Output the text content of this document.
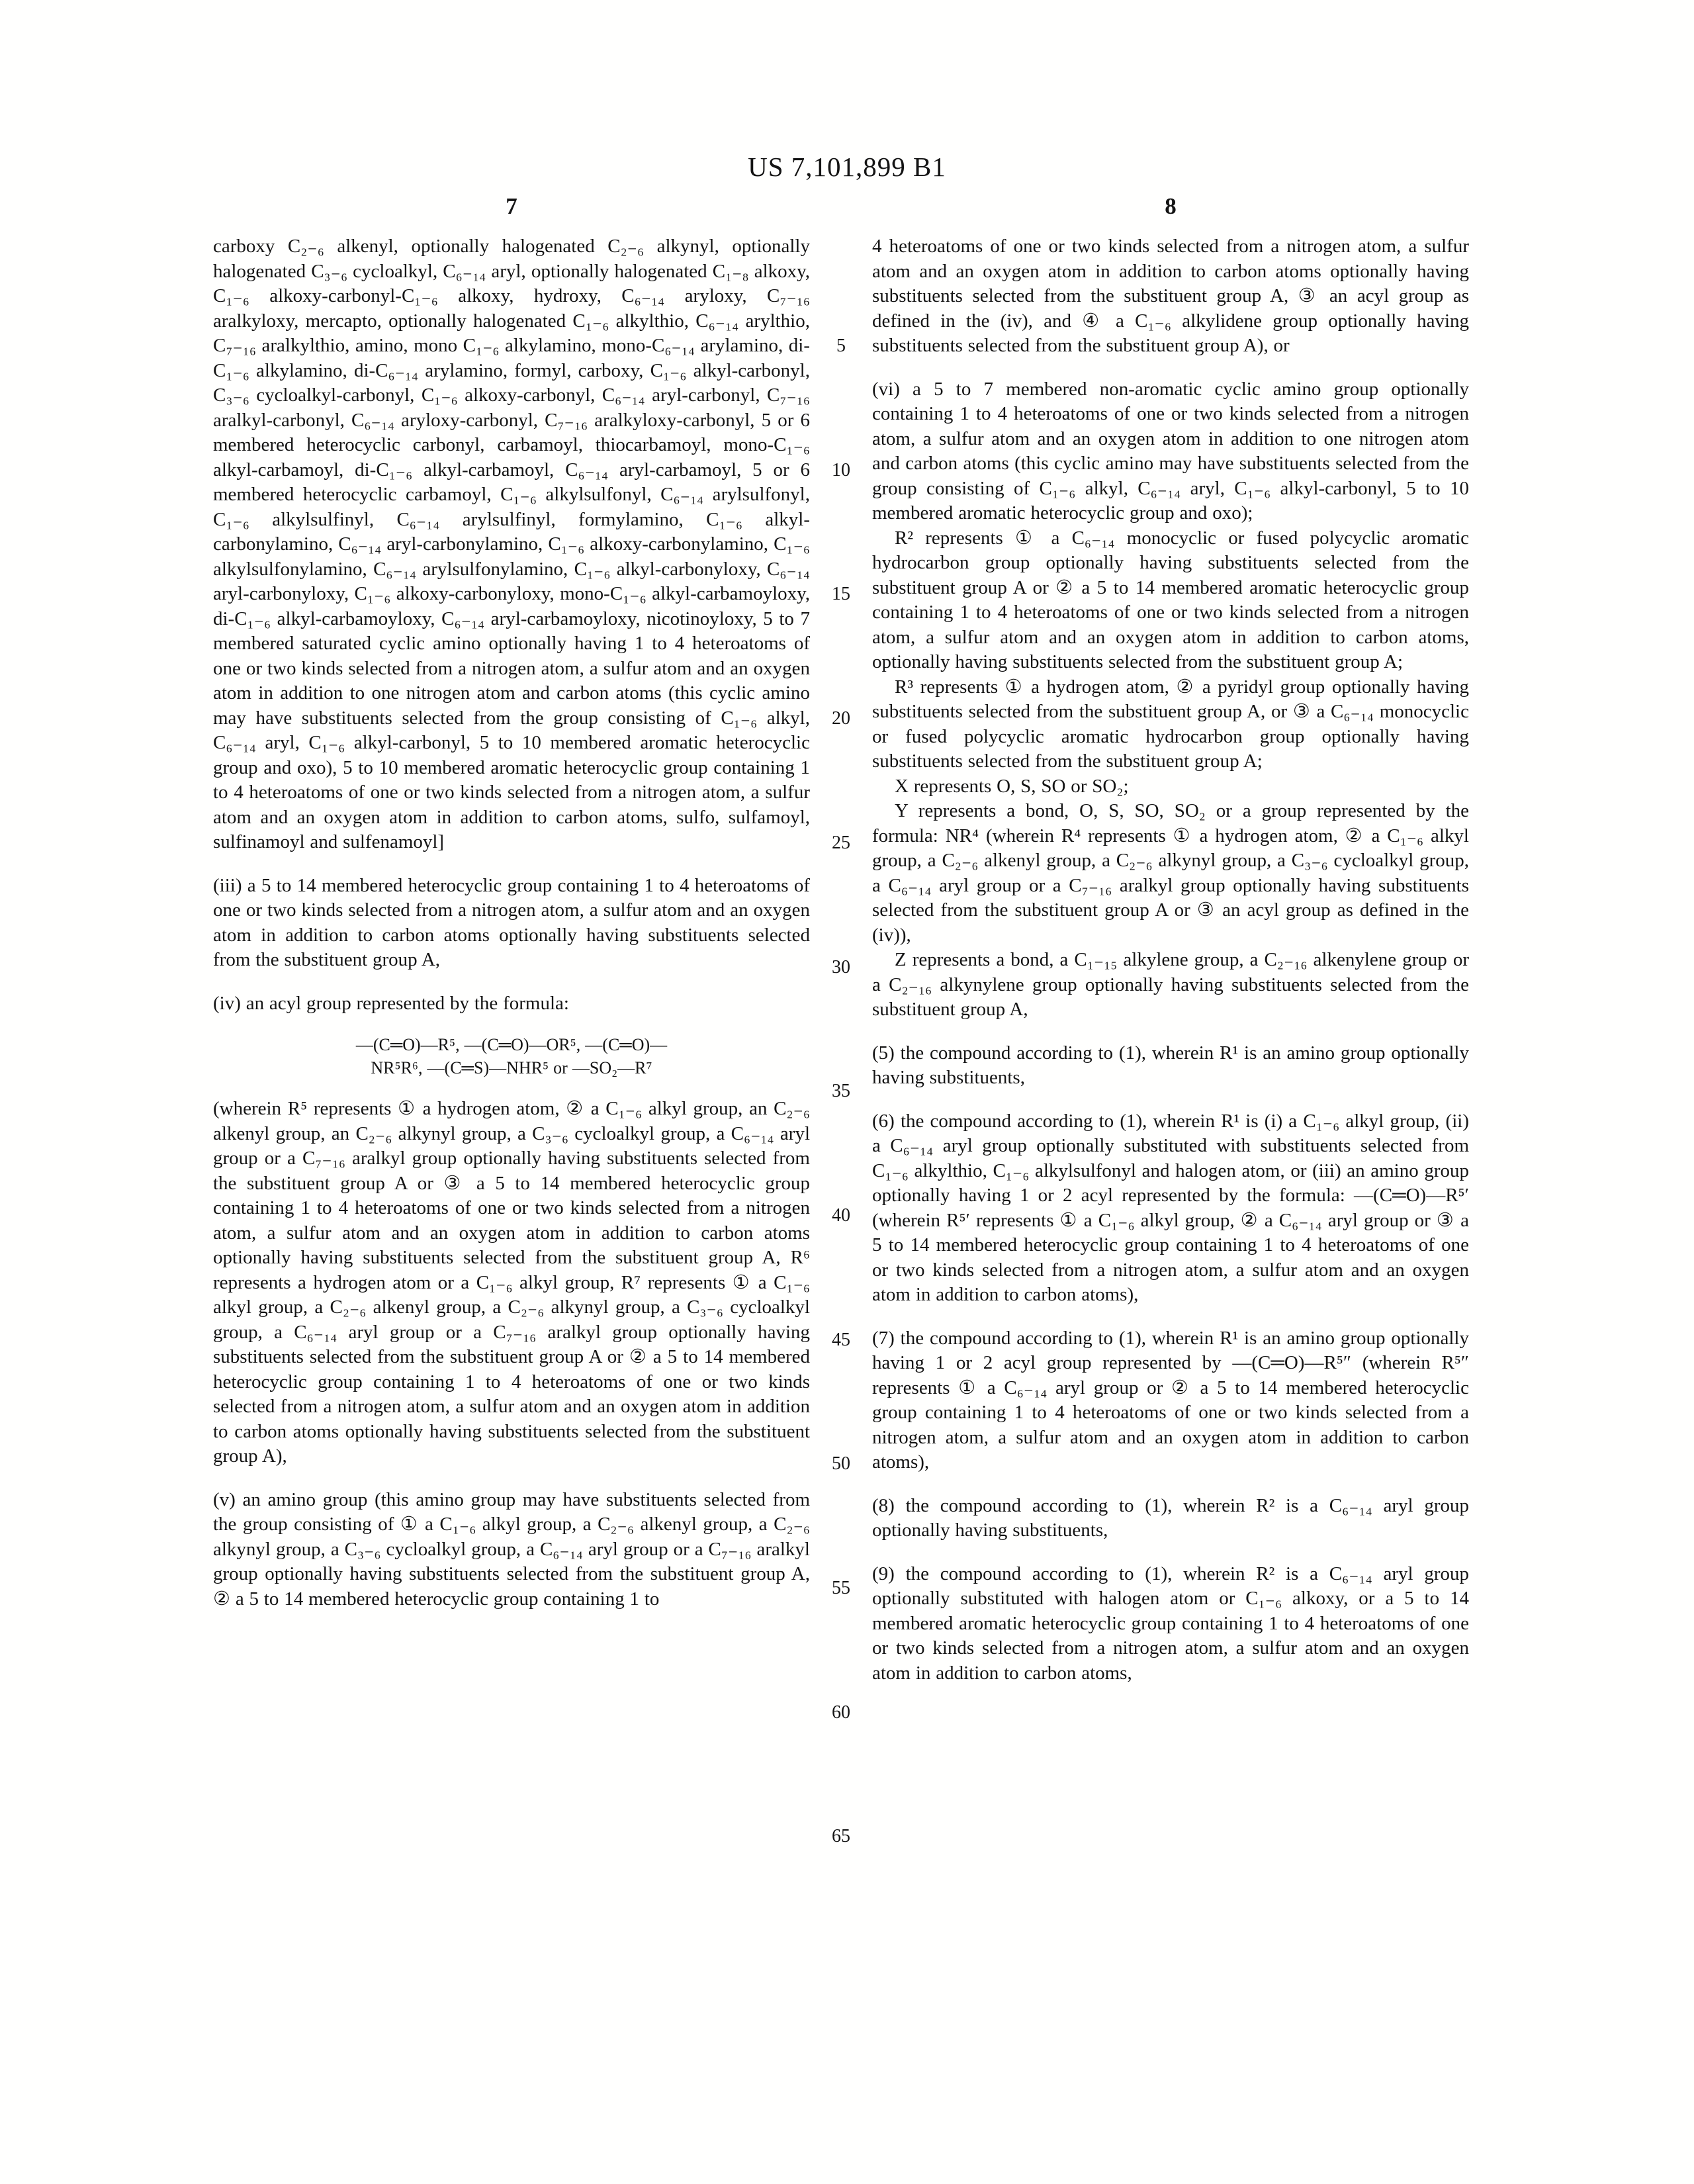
US 7,101,899 B1
7	8

carboxy C₂₋₆ alkenyl, optionally halogenated C₂₋₆ alkynyl, optionally halogenated C₃₋₆ cycloalkyl, C₆₋₁₄ aryl, optionally halogenated C₁₋₈ alkoxy, C₁₋₆ alkoxy-carbonyl-C₁₋₆ alkoxy, hydroxy, C₆₋₁₄ aryloxy, C₇₋₁₆ aralkyloxy, mercapto, optionally halogenated C₁₋₆ alkylthio, C₆₋₁₄ arylthio, C₇₋₁₆ aralkylthio, amino, mono C₁₋₆ alkylamino, mono-C₆₋₁₄ arylamino, di-C₁₋₆ alkylamino, di-C₆₋₁₄ arylamino, formyl, carboxy, C₁₋₆ alkyl-carbonyl, C₃₋₆ cycloalkyl-carbonyl, C₁₋₆ alkoxy-carbonyl, C₆₋₁₄ aryl-carbonyl, C₇₋₁₆ aralkyl-carbonyl, C₆₋₁₄ aryloxy-carbonyl, C₇₋₁₆ aralkyloxy-carbonyl, 5 or 6 membered heterocyclic carbonyl, carbamoyl, thiocarbamoyl, mono-C₁₋₆ alkyl-carbamoyl, di-C₁₋₆ alkyl-carbamoyl, C₆₋₁₄ aryl-carbamoyl, 5 or 6 membered heterocyclic carbamoyl, C₁₋₆ alkylsulfonyl, C₆₋₁₄ arylsulfonyl, C₁₋₆ alkylsulfinyl, C₆₋₁₄ arylsulfinyl, formylamino, C₁₋₆ alkyl-carbonylamino, C₆₋₁₄ aryl-carbonylamino, C₁₋₆ alkoxy-carbonylamino, C₁₋₆ alkylsulfonylamino, C₆₋₁₄ arylsulfonylamino, C₁₋₆ alkyl-carbonyloxy, C₆₋₁₄ aryl-carbonyloxy, C₁₋₆ alkoxy-carbonyloxy, mono-C₁₋₆ alkyl-carbamoyloxy, di-C₁₋₆ alkyl-carbamoyloxy, C₆₋₁₄ aryl-carbamoyloxy, nicotinoyloxy, 5 to 7 membered saturated cyclic amino optionally having 1 to 4 heteroatoms of one or two kinds selected from a nitrogen atom, a sulfur atom and an oxygen atom in addition to one nitrogen atom and carbon atoms (this cyclic amino may have substituents selected from the group consisting of C₁₋₆ alkyl, C₆₋₁₄ aryl, C₁₋₆ alkyl-carbonyl, 5 to 10 membered aromatic heterocyclic group and oxo), 5 to 10 membered aromatic heterocyclic group containing 1 to 4 heteroatoms of one or two kinds selected from a nitrogen atom, a sulfur atom and an oxygen atom in addition to carbon atoms, sulfo, sulfamoyl, sulfinamoyl and sulfenamoyl]

(iii) a 5 to 14 membered heterocyclic group containing 1 to 4 heteroatoms of one or two kinds selected from a nitrogen atom, a sulfur atom and an oxygen atom in addition to carbon atoms optionally having substituents selected from the substituent group A,

(iv) an acyl group represented by the formula:

—(C═O)—R⁵, —(C═O)—OR⁵, —(C═O)—
NR⁵R⁶, —(C═S)—NHR⁵ or —SO₂—R⁷

(wherein R⁵ represents ① a hydrogen atom, ② a C₁₋₆ alkyl group, an C₂₋₆ alkenyl group, an C₂₋₆ alkynyl group, a C₃₋₆ cycloalkyl group, a C₆₋₁₄ aryl group or a C₇₋₁₆ aralkyl group optionally having substituents selected from the substituent group A or ③ a 5 to 14 membered heterocyclic group containing 1 to 4 heteroatoms of one or two kinds selected from a nitrogen atom, a sulfur atom and an oxygen atom in addition to carbon atoms optionally having substituents selected from the substituent group A, R⁶ represents a hydrogen atom or a C₁₋₆ alkyl group, R⁷ represents ① a C₁₋₆ alkyl group, a C₂₋₆ alkenyl group, a C₂₋₆ alkynyl group, a C₃₋₆ cycloalkyl group, a C₆₋₁₄ aryl group or a C₇₋₁₆ aralkyl group optionally having substituents selected from the substituent group A or ② a 5 to 14 membered heterocyclic group containing 1 to 4 heteroatoms of one or two kinds selected from a nitrogen atom, a sulfur atom and an oxygen atom in addition to carbon atoms optionally having substituents selected from the substituent group A),

(v) an amino group (this amino group may have substituents selected from the group consisting of ① a C₁₋₆ alkyl group, a C₂₋₆ alkenyl group, a C₂₋₆ alkynyl group, a C₃₋₆ cycloalkyl group, a C₆₋₁₄ aryl group or a C₇₋₁₆ aralkyl group optionally having substituents selected from the substituent group A, ② a 5 to 14 membered heterocyclic group containing 1 to

5
10
15
20
25
30
35
40
45
50
55
60
65

4 heteroatoms of one or two kinds selected from a nitrogen atom, a sulfur atom and an oxygen atom in addition to carbon atoms optionally having substituents selected from the substituent group A, ③ an acyl group as defined in the (iv), and ④ a C₁₋₆ alkylidene group optionally having substituents selected from the substituent group A), or

(vi) a 5 to 7 membered non-aromatic cyclic amino group optionally containing 1 to 4 heteroatoms of one or two kinds selected from a nitrogen atom, a sulfur atom and an oxygen atom in addition to one nitrogen atom and carbon atoms (this cyclic amino may have substituents selected from the group consisting of C₁₋₆ alkyl, C₆₋₁₄ aryl, C₁₋₆ alkyl-carbonyl, 5 to 10 membered aromatic heterocyclic group and oxo);

R² represents ① a C₆₋₁₄ monocyclic or fused polycyclic aromatic hydrocarbon group optionally having substituents selected from the substituent group A or ② a 5 to 14 membered aromatic heterocyclic group containing 1 to 4 heteroatoms of one or two kinds selected from a nitrogen atom, a sulfur atom and an oxygen atom in addition to carbon atoms, optionally having substituents selected from the substituent group A;

R³ represents ① a hydrogen atom, ② a pyridyl group optionally having substituents selected from the substituent group A, or ③ a C₆₋₁₄ monocyclic or fused polycyclic aromatic hydrocarbon group optionally having substituents selected from the substituent group A;

X represents O, S, SO or SO₂;

Y represents a bond, O, S, SO, SO₂ or a group represented by the formula: NR⁴ (wherein R⁴ represents ① a hydrogen atom, ② a C₁₋₆ alkyl group, a C₂₋₆ alkenyl group, a C₂₋₆ alkynyl group, a C₃₋₆ cycloalkyl group, a C₆₋₁₄ aryl group or a C₇₋₁₆ aralkyl group optionally having substituents selected from the substituent group A or ③ an acyl group as defined in the (iv)),

Z represents a bond, a C₁₋₁₅ alkylene group, a C₂₋₁₆ alkenylene group or a C₂₋₁₆ alkynylene group optionally having substituents selected from the substituent group A,

(5) the compound according to (1), wherein R¹ is an amino group optionally having substituents,

(6) the compound according to (1), wherein R¹ is (i) a C₁₋₆ alkyl group, (ii) a C₆₋₁₄ aryl group optionally substituted with substituents selected from C₁₋₆ alkylthio, C₁₋₆ alkylsulfonyl and halogen atom, or (iii) an amino group optionally having 1 or 2 acyl represented by the formula: —(C═O)—R⁵′ (wherein R⁵′ represents ① a C₁₋₆ alkyl group, ② a C₆₋₁₄ aryl group or ③ a 5 to 14 membered heterocyclic group containing 1 to 4 heteroatoms of one or two kinds selected from a nitrogen atom, a sulfur atom and an oxygen atom in addition to carbon atoms),

(7) the compound according to (1), wherein R¹ is an amino group optionally having 1 or 2 acyl group represented by —(C═O)—R⁵″ (wherein R⁵″ represents ① a C₆₋₁₄ aryl group or ② a 5 to 14 membered heterocyclic group containing 1 to 4 heteroatoms of one or two kinds selected from a nitrogen atom, a sulfur atom and an oxygen atom in addition to carbon atoms),

(8) the compound according to (1), wherein R² is a C₆₋₁₄ aryl group optionally having substituents,

(9) the compound according to (1), wherein R² is a C₆₋₁₄ aryl group optionally substituted with halogen atom or C₁₋₆ alkoxy, or a 5 to 14 membered aromatic heterocyclic group containing 1 to 4 heteroatoms of one or two kinds selected from a nitrogen atom, a sulfur atom and an oxygen atom in addition to carbon atoms,
